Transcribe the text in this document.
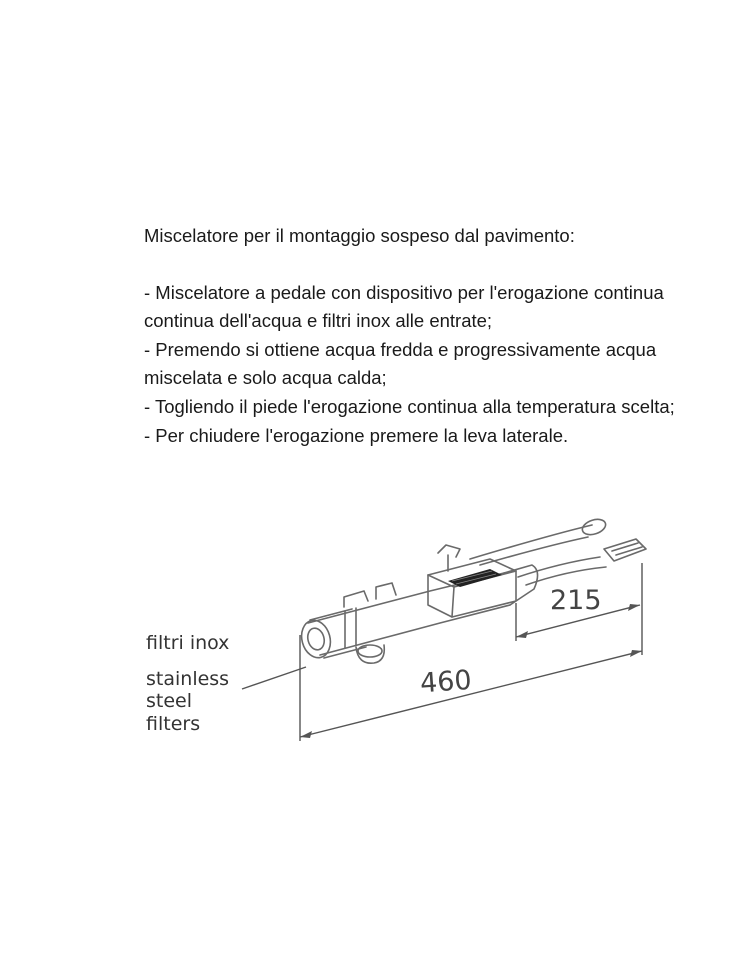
Miscelatore per il montaggio sospeso dal pavimento:
- Miscelatore a pedale con dispositivo per l'erogazione continua continua dell'acqua e filtri inox alle entrate;
- Premendo si ottiene acqua fredda e progressivamente acqua miscelata e solo acqua calda;
- Togliendo il piede l'erogazione continua alla temperatura scelta;
- Per chiudere l'erogazione premere la leva laterale.
215
460
filtri inox
stainless
steel
filters
